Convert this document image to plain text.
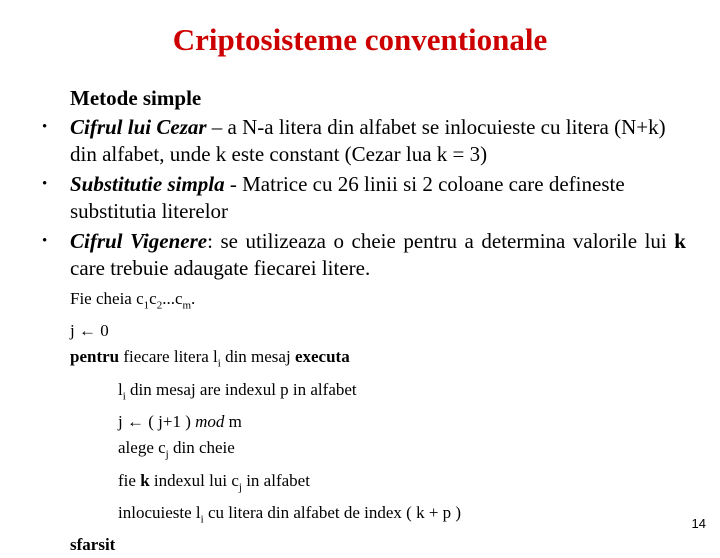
Criptosisteme conventionale
Metode simple
• Cifrul lui Cezar – a N-a litera din alfabet se inlocuieste cu litera (N+k) din alfabet, unde k este constant (Cezar lua k = 3)
• Substitutie simpla - Matrice cu 26 linii si 2 coloane care defineste substitutia literelor
• Cifrul Vigenere: se utilizeaza o cheie pentru a determina valorile lui k care trebuie adaugate fiecarei litere.
Fie cheia $c_1c_2...c_m$.
j ← 0
pentru fiecare litera $l_i$ din mesaj executa
$l_i$ din mesaj are indexul p in alfabet
j ← ( j+1 ) mod m
alege $c_j$ din cheie
fie k indexul lui $c_j$ in alfabet
inlocuieste $l_i$ cu litera din alfabet de index ( k + p )
sfarsit
14
